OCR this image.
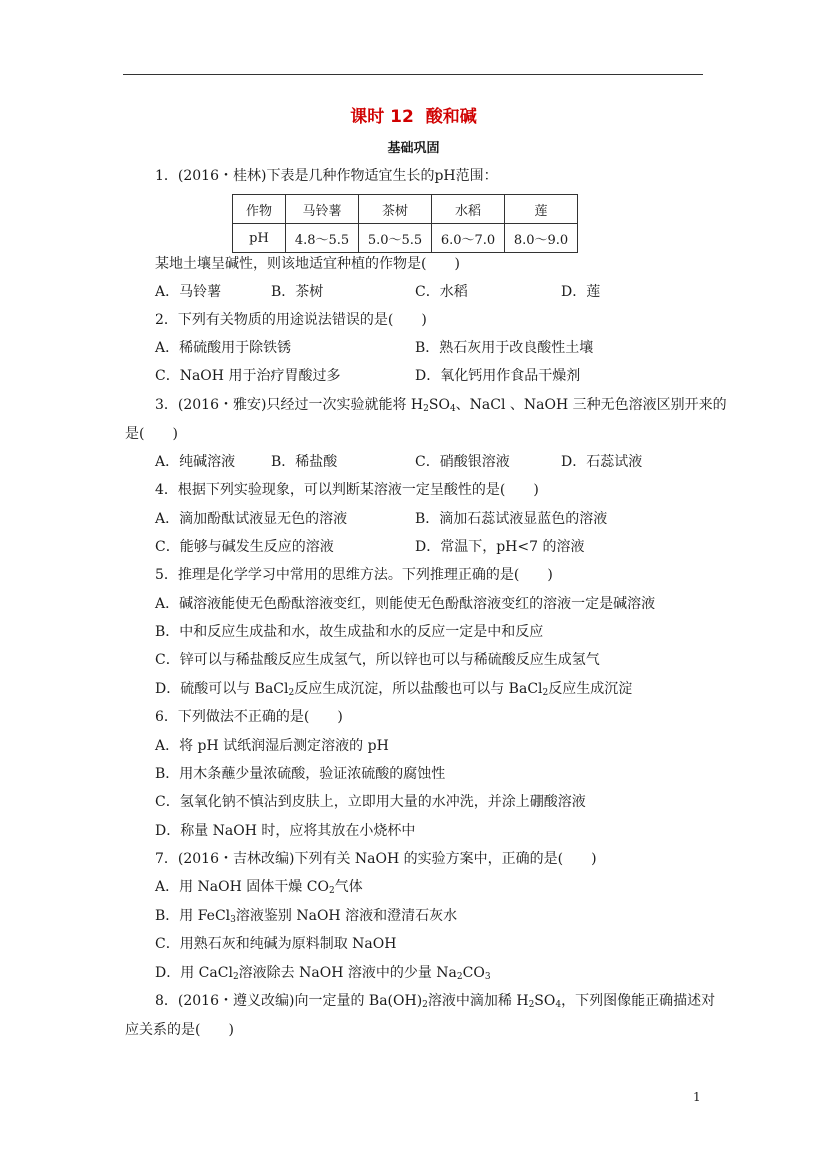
课时 12 酸和碱
基础巩固
1．(2016・桂林)下表是几种作物适宜生长的pH范围：
作物	马铃薯	茶树	水稻	莲
pH	4.8～5.5	5.0～5.5	6.0～7.0	8.0～9.0
某地土壤呈碱性，则该地适宜种植的作物是(　　)
A．马铃薯	B．茶树	C．水稻	D．莲
2．下列有关物质的用途说法错误的是(　　)
A．稀硫酸用于除铁锈	B．熟石灰用于改良酸性土壤
C．NaOH 用于治疗胃酸过多	D．氧化钙用作食品干燥剂
3．(2016・雅安)只经过一次实验就能将 $H_2SO_4$、NaCl 、NaOH 三种无色溶液区别开来的
是(　　)
A．纯碱溶液	B．稀盐酸	C．硝酸银溶液	D．石蕊试液
4．根据下列实验现象，可以判断某溶液一定呈酸性的是(　　)
A．滴加酚酞试液显无色的溶液	B．滴加石蕊试液显蓝色的溶液
C．能够与碱发生反应的溶液	D．常温下，pH<7 的溶液
5．推理是化学学习中常用的思维方法。下列推理正确的是(　　)
A．碱溶液能使无色酚酞溶液变红，则能使无色酚酞溶液变红的溶液一定是碱溶液
B．中和反应生成盐和水，故生成盐和水的反应一定是中和反应
C．锌可以与稀盐酸反应生成氢气，所以锌也可以与稀硫酸反应生成氢气
D．硫酸可以与 BaCl$_2$反应生成沉淀，所以盐酸也可以与 BaCl$_2$反应生成沉淀
6．下列做法不正确的是(　　)
A．将 pH 试纸润湿后测定溶液的 pH
B．用木条蘸少量浓硫酸，验证浓硫酸的腐蚀性
C．氢氧化钠不慎沾到皮肤上，立即用大量的水冲洗，并涂上硼酸溶液
D．称量 NaOH 时，应将其放在小烧杯中
7．(2016・吉林改编)下列有关 NaOH 的实验方案中，正确的是(　　)
A．用 NaOH 固体干燥 $CO_2$气体
B．用 FeCl$_3$溶液鉴别 NaOH 溶液和澄清石灰水
C．用熟石灰和纯碱为原料制取 NaOH
D．用 CaCl$_2$溶液除去 NaOH 溶液中的少量 $Na_2CO_3$
8．(2016・遵义改编)向一定量的 $Ba(OH)_2$溶液中滴加稀 $H_2SO_4$，下列图像能正确描述对
应关系的是(　　)
1
